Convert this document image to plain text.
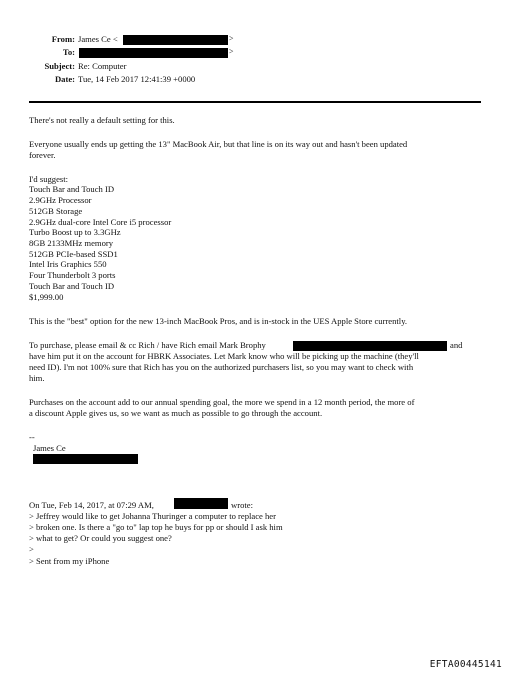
From: James Ce <	>
To:	>
Subject: Re: Computer
Date: Tue, 14 Feb 2017 12:41:39 +0000
There's not really a default setting for this.
Everyone usually ends up getting the 13" MacBook Air, but that line is on its way out and hasn't been updated
forever.
I'd suggest:
Touch Bar and Touch ID
2.9GHz Processor
512GB Storage
2.9GHz dual-core Intel Core i5 processor
Turbo Boost up to 3.3GHz
8GB 2133MHz memory
512GB PCIe-based SSD1
Intel Iris Graphics 550
Four Thunderbolt 3 ports
Touch Bar and Touch ID
$1,999.00
This is the "best" option for the new 13-inch MacBook Pros, and is in-stock in the UES Apple Store currently.
To purchase, please email & cc Rich / have Rich email Mark Brophy	and
have him put it on the account for HBRK Associates. Let Mark know who will be picking up the machine (they'll
need ID). I'm not 100% sure that Rich has you on the authorized purchasers list, so you may want to check with
him.
Purchases on the account add to our annual spending goal, the more we spend in a 12 month period, the more of
a discount Apple gives us, so we want as much as possible to go through the account.
--
James Ce
On Tue, Feb 14, 2017, at 07:29 AM,	wrote:
> Jeffrey would like to get Johanna Thuringer a computer to replace her
> broken one. Is there a "go to" lap top he buys for pp or should I ask him
> what to get? Or could you suggest one?
>
> Sent from my iPhone
EFTA00445141
